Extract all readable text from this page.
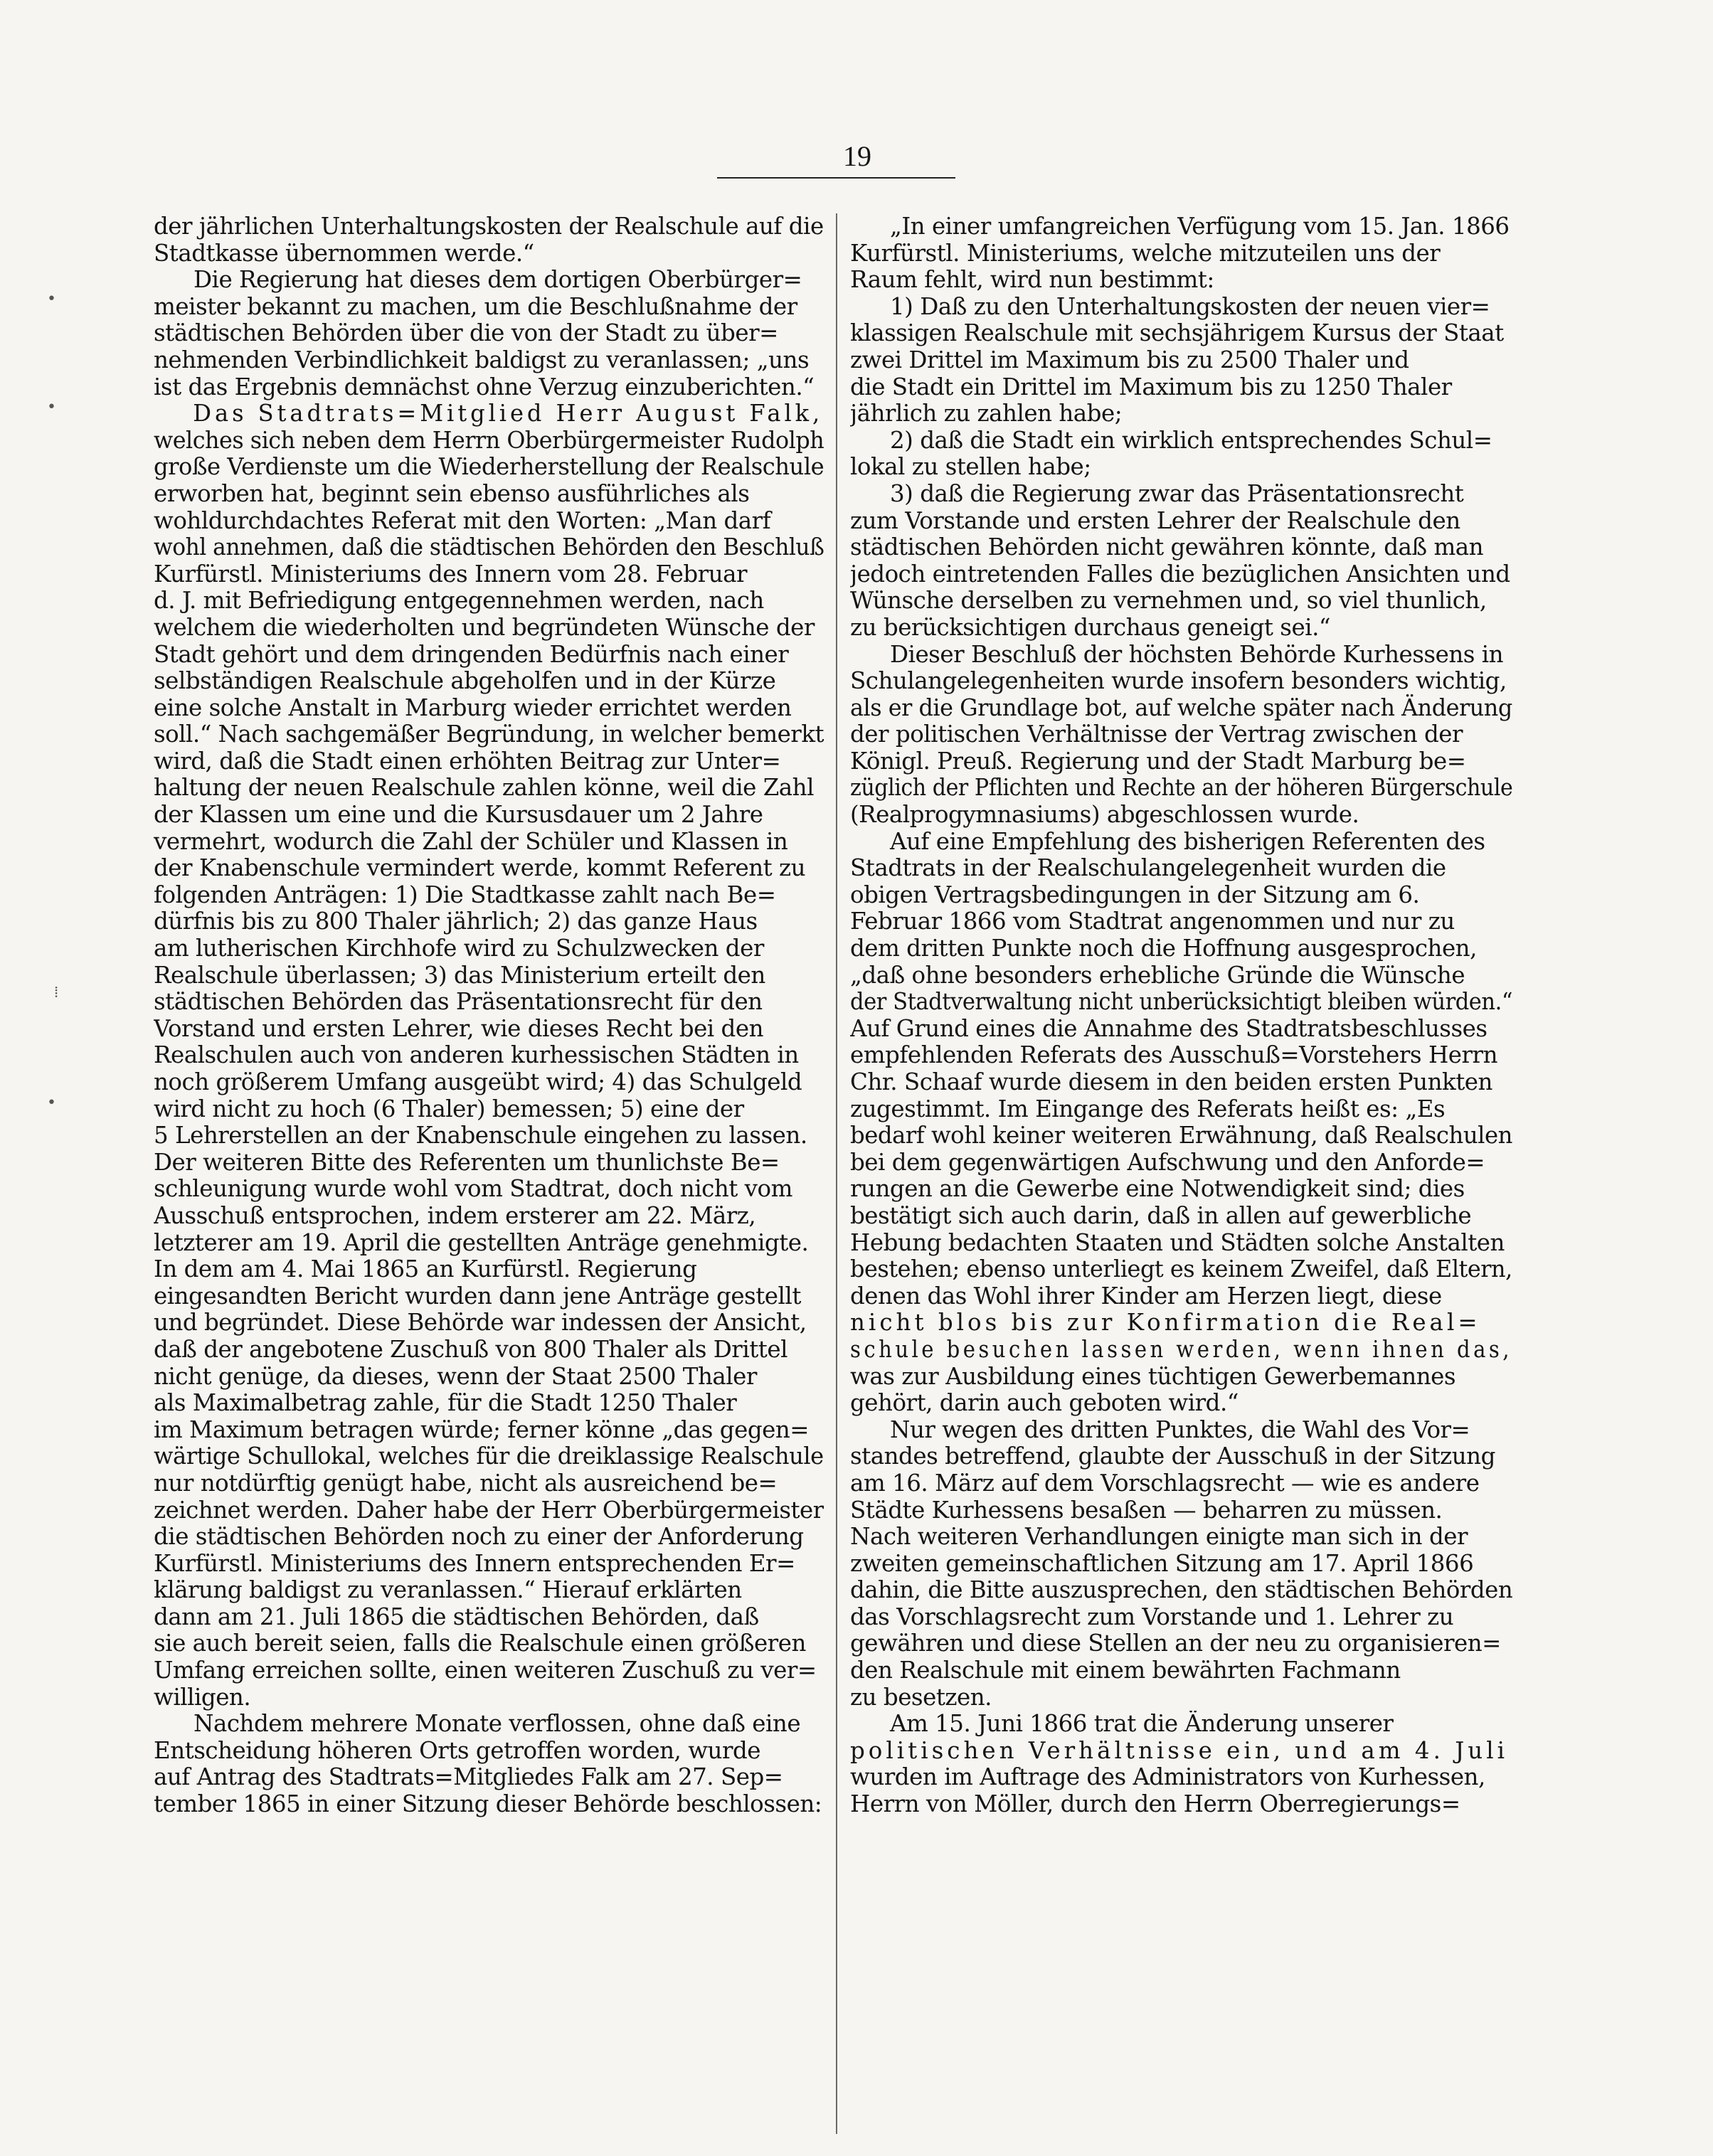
19
•
•
•
⁞
der jährlichen Unterhaltungskosten der Realschule auf die
Stadtkasse übernommen werde.“
Die Regierung hat dieses dem dortigen Oberbürger=
meister bekannt zu machen, um die Beschlußnahme der
städtischen Behörden über die von der Stadt zu über=
nehmenden Verbindlichkeit baldigst zu veranlassen; „uns
ist das Ergebnis demnächst ohne Verzug einzuberichten.“
Das Stadtrats=Mitglied Herr August Falk,
welches sich neben dem Herrn Oberbürgermeister Rudolph
große Verdienste um die Wiederherstellung der Realschule
erworben hat, beginnt sein ebenso ausführliches als
wohldurchdachtes Referat mit den Worten: „Man darf
wohl annehmen, daß die städtischen Behörden den Beschluß
Kurfürstl. Ministeriums des Innern vom 28. Februar
d. J. mit Befriedigung entgegennehmen werden, nach
welchem die wiederholten und begründeten Wünsche der
Stadt gehört und dem dringenden Bedürfnis nach einer
selbständigen Realschule abgeholfen und in der Kürze
eine solche Anstalt in Marburg wieder errichtet werden
soll.“ Nach sachgemäßer Begründung, in welcher bemerkt
wird, daß die Stadt einen erhöhten Beitrag zur Unter=
haltung der neuen Realschule zahlen könne, weil die Zahl
der Klassen um eine und die Kursusdauer um 2 Jahre
vermehrt, wodurch die Zahl der Schüler und Klassen in
der Knabenschule vermindert werde, kommt Referent zu
folgenden Anträgen: 1) Die Stadtkasse zahlt nach Be=
dürfnis bis zu 800 Thaler jährlich; 2) das ganze Haus
am lutherischen Kirchhofe wird zu Schulzwecken der
Realschule überlassen; 3) das Ministerium erteilt den
städtischen Behörden das Präsentationsrecht für den
Vorstand und ersten Lehrer, wie dieses Recht bei den
Realschulen auch von anderen kurhessischen Städten in
noch größerem Umfang ausgeübt wird; 4) das Schulgeld
wird nicht zu hoch (6 Thaler) bemessen; 5) eine der
5 Lehrerstellen an der Knabenschule eingehen zu lassen.
Der weiteren Bitte des Referenten um thunlichste Be=
schleunigung wurde wohl vom Stadtrat, doch nicht vom
Ausschuß entsprochen, indem ersterer am 22. März,
letzterer am 19. April die gestellten Anträge genehmigte.
In dem am 4. Mai 1865 an Kurfürstl. Regierung
eingesandten Bericht wurden dann jene Anträge gestellt
und begründet. Diese Behörde war indessen der Ansicht,
daß der angebotene Zuschuß von 800 Thaler als Drittel
nicht genüge, da dieses, wenn der Staat 2500 Thaler
als Maximalbetrag zahle, für die Stadt 1250 Thaler
im Maximum betragen würde; ferner könne „das gegen=
wärtige Schullokal, welches für die dreiklassige Realschule
nur notdürftig genügt habe, nicht als ausreichend be=
zeichnet werden. Daher habe der Herr Oberbürgermeister
die städtischen Behörden noch zu einer der Anforderung
Kurfürstl. Ministeriums des Innern entsprechenden Er=
klärung baldigst zu veranlassen.“ Hierauf erklärten
dann am 21. Juli 1865 die städtischen Behörden, daß
sie auch bereit seien, falls die Realschule einen größeren
Umfang erreichen sollte, einen weiteren Zuschuß zu ver=
willigen.
Nachdem mehrere Monate verflossen, ohne daß eine
Entscheidung höheren Orts getroffen worden, wurde
auf Antrag des Stadtrats=Mitgliedes Falk am 27. Sep=
tember 1865 in einer Sitzung dieser Behörde beschlossen:
„In einer umfangreichen Verfügung vom 15. Jan. 1866
Kurfürstl. Ministeriums, welche mitzuteilen uns der
Raum fehlt, wird nun bestimmt:
1) Daß zu den Unterhaltungskosten der neuen vier=
klassigen Realschule mit sechsjährigem Kursus der Staat
zwei Drittel im Maximum bis zu 2500 Thaler und
die Stadt ein Drittel im Maximum bis zu 1250 Thaler
jährlich zu zahlen habe;
2) daß die Stadt ein wirklich entsprechendes Schul=
lokal zu stellen habe;
3) daß die Regierung zwar das Präsentationsrecht
zum Vorstande und ersten Lehrer der Realschule den
städtischen Behörden nicht gewähren könnte, daß man
jedoch eintretenden Falles die bezüglichen Ansichten und
Wünsche derselben zu vernehmen und, so viel thunlich,
zu berücksichtigen durchaus geneigt sei.“
Dieser Beschluß der höchsten Behörde Kurhessens in
Schulangelegenheiten wurde insofern besonders wichtig,
als er die Grundlage bot, auf welche später nach Änderung
der politischen Verhältnisse der Vertrag zwischen der
Königl. Preuß. Regierung und der Stadt Marburg be=
züglich der Pflichten und Rechte an der höheren Bürgerschule
(Realprogymnasiums) abgeschlossen wurde.
Auf eine Empfehlung des bisherigen Referenten des
Stadtrats in der Realschulangelegenheit wurden die
obigen Vertragsbedingungen in der Sitzung am 6.
Februar 1866 vom Stadtrat angenommen und nur zu
dem dritten Punkte noch die Hoffnung ausgesprochen,
„daß ohne besonders erhebliche Gründe die Wünsche
der Stadtverwaltung nicht unberücksichtigt bleiben würden.“
Auf Grund eines die Annahme des Stadtratsbeschlusses
empfehlenden Referats des Ausschuß=Vorstehers Herrn
Chr. Schaaf wurde diesem in den beiden ersten Punkten
zugestimmt. Im Eingange des Referats heißt es: „Es
bedarf wohl keiner weiteren Erwähnung, daß Realschulen
bei dem gegenwärtigen Aufschwung und den Anforde=
rungen an die Gewerbe eine Notwendigkeit sind; dies
bestätigt sich auch darin, daß in allen auf gewerbliche
Hebung bedachten Staaten und Städten solche Anstalten
bestehen; ebenso unterliegt es keinem Zweifel, daß Eltern,
denen das Wohl ihrer Kinder am Herzen liegt, diese
nicht blos bis zur Konfirmation die Real=
schule besuchen lassen werden, wenn ihnen das,
was zur Ausbildung eines tüchtigen Gewerbemannes
gehört, darin auch geboten wird.“
Nur wegen des dritten Punktes, die Wahl des Vor=
standes betreffend, glaubte der Ausschuß in der Sitzung
am 16. März auf dem Vorschlagsrecht — wie es andere
Städte Kurhessens besaßen — beharren zu müssen.
Nach weiteren Verhandlungen einigte man sich in der
zweiten gemeinschaftlichen Sitzung am 17. April 1866
dahin, die Bitte auszusprechen, den städtischen Behörden
das Vorschlagsrecht zum Vorstande und 1. Lehrer zu
gewähren und diese Stellen an der neu zu organisieren=
den Realschule mit einem bewährten Fachmann
zu besetzen.
Am 15. Juni 1866 trat die Änderung unserer
politischen Verhältnisse ein, und am 4. Juli
wurden im Auftrage des Administrators von Kurhessen,
Herrn von Möller, durch den Herrn Oberregierungs=
